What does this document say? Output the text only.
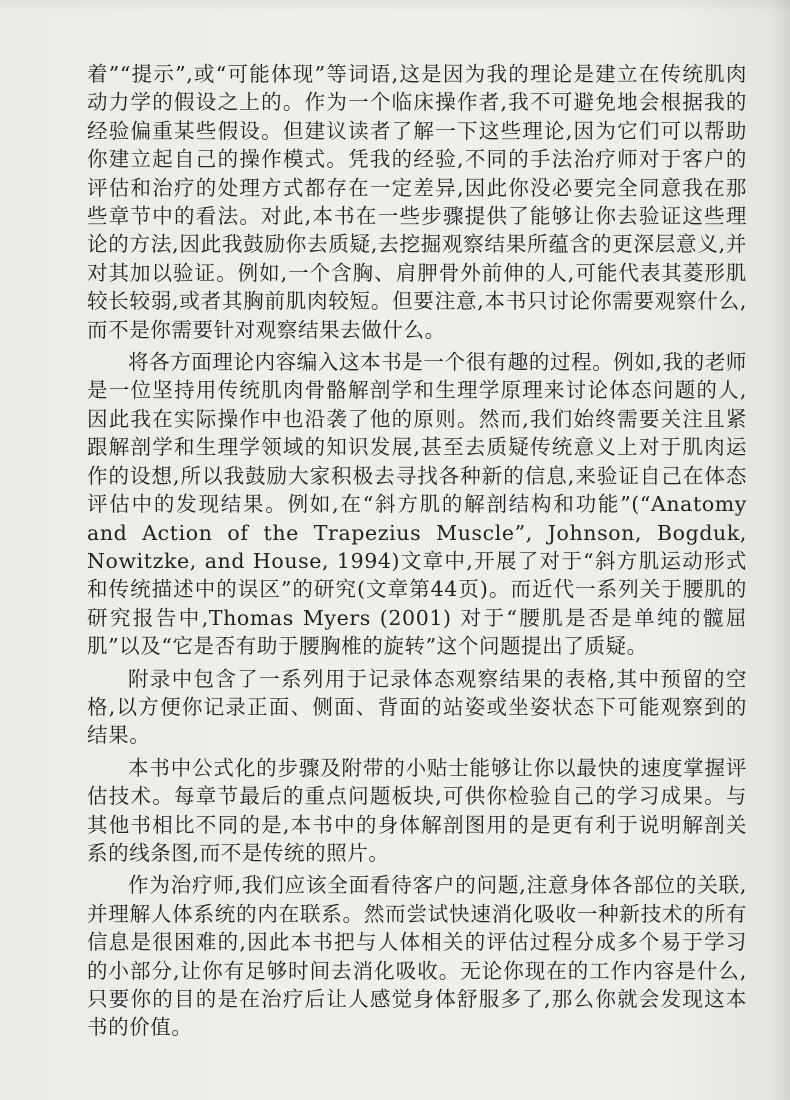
着”“提示”,或“可能体现”等词语,这是因为我的理论是建立在传统肌肉动力学的假设之上的。作为一个临床操作者,我不可避免地会根据我的经验偏重某些假设。但建议读者了解一下这些理论,因为它们可以帮助你建立起自己的操作模式。凭我的经验,不同的手法治疗师对于客户的评估和治疗的处理方式都存在一定差异,因此你没必要完全同意我在那些章节中的看法。对此,本书在一些步骤提供了能够让你去验证这些理论的方法,因此我鼓励你去质疑,去挖掘观察结果所蕴含的更深层意义,并对其加以验证。例如,一个含胸、肩胛骨外前伸的人,可能代表其菱形肌较长较弱,或者其胸前肌肉较短。但要注意,本书只讨论你需要观察什么,而不是你需要针对观察结果去做什么。

将各方面理论内容编入这本书是一个很有趣的过程。例如,我的老师是一位坚持用传统肌肉骨骼解剖学和生理学原理来讨论体态问题的人,因此我在实际操作中也沿袭了他的原则。然而,我们始终需要关注且紧跟解剖学和生理学领域的知识发展,甚至去质疑传统意义上对于肌肉运作的设想,所以我鼓励大家积极去寻找各种新的信息,来验证自己在体态评估中的发现结果。例如,在“斜方肌的解剖结构和功能”(“Anatomy and Action of the Trapezius Muscle”, Johnson, Bogduk, Nowitzke, and House, 1994)文章中,开展了对于“斜方肌运动形式和传统描述中的误区”的研究(文章第44页)。而近代一系列关于腰肌的研究报告中,Thomas Myers (2001) 对于“腰肌是否是单纯的髋屈肌”以及“它是否有助于腰胸椎的旋转”这个问题提出了质疑。

附录中包含了一系列用于记录体态观察结果的表格,其中预留的空格,以方便你记录正面、侧面、背面的站姿或坐姿状态下可能观察到的结果。

本书中公式化的步骤及附带的小贴士能够让你以最快的速度掌握评估技术。每章节最后的重点问题板块,可供你检验自己的学习成果。与其他书相比不同的是,本书中的身体解剖图用的是更有利于说明解剖关系的线条图,而不是传统的照片。

作为治疗师,我们应该全面看待客户的问题,注意身体各部位的关联,并理解人体系统的内在联系。然而尝试快速消化吸收一种新技术的所有信息是很困难的,因此本书把与人体相关的评估过程分成多个易于学习的小部分,让你有足够时间去消化吸收。无论你现在的工作内容是什么,只要你的目的是在治疗后让人感觉身体舒服多了,那么你就会发现这本书的价值。
